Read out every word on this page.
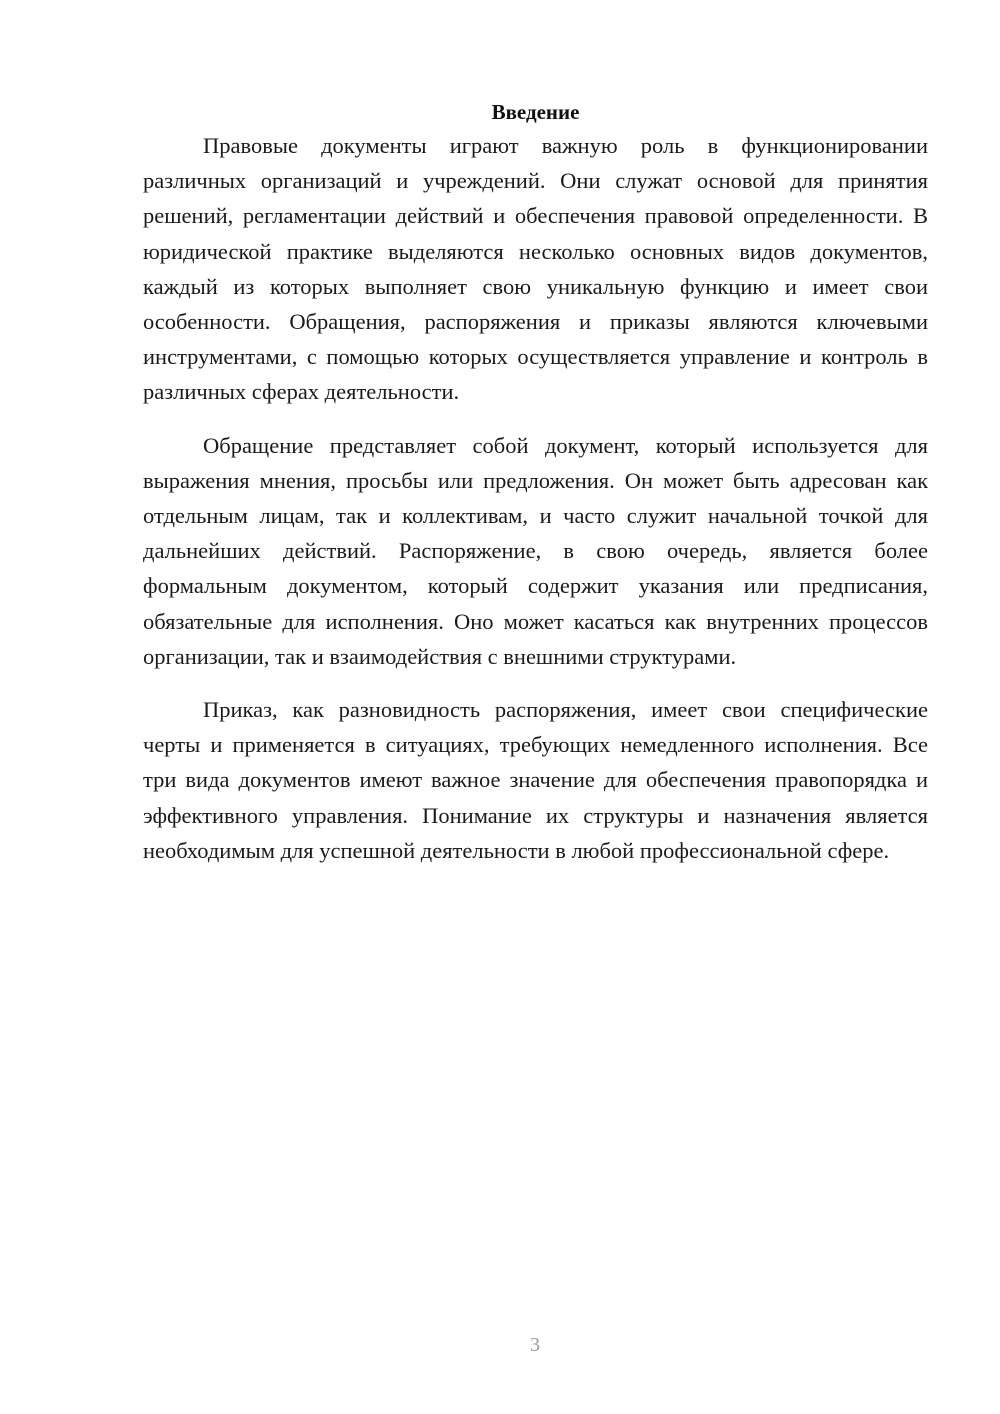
Введение

Правовые документы играют важную роль в функционировании различных организаций и учреждений. Они служат основой для принятия решений, регламентации действий и обеспечения правовой определенности. В юридической практике выделяются несколько основных видов документов, каждый из которых выполняет свою уникальную функцию и имеет свои особенности. Обращения, распоряжения и приказы являются ключевыми инструментами, с помощью которых осуществляется управление и контроль в различных сферах деятельности.

Обращение представляет собой документ, который используется для выражения мнения, просьбы или предложения. Он может быть адресован как отдельным лицам, так и коллективам, и часто служит начальной точкой для дальнейших действий. Распоряжение, в свою очередь, является более формальным документом, который содержит указания или предписания, обязательные для исполнения. Оно может касаться как внутренних процессов организации, так и взаимодействия с внешними структурами.

Приказ, как разновидность распоряжения, имеет свои специфические черты и применяется в ситуациях, требующих немедленного исполнения. Все три вида документов имеют важное значение для обеспечения правопорядка и эффективного управления. Понимание их структуры и назначения является необходимым для успешной деятельности в любой профессиональной сфере.

3
